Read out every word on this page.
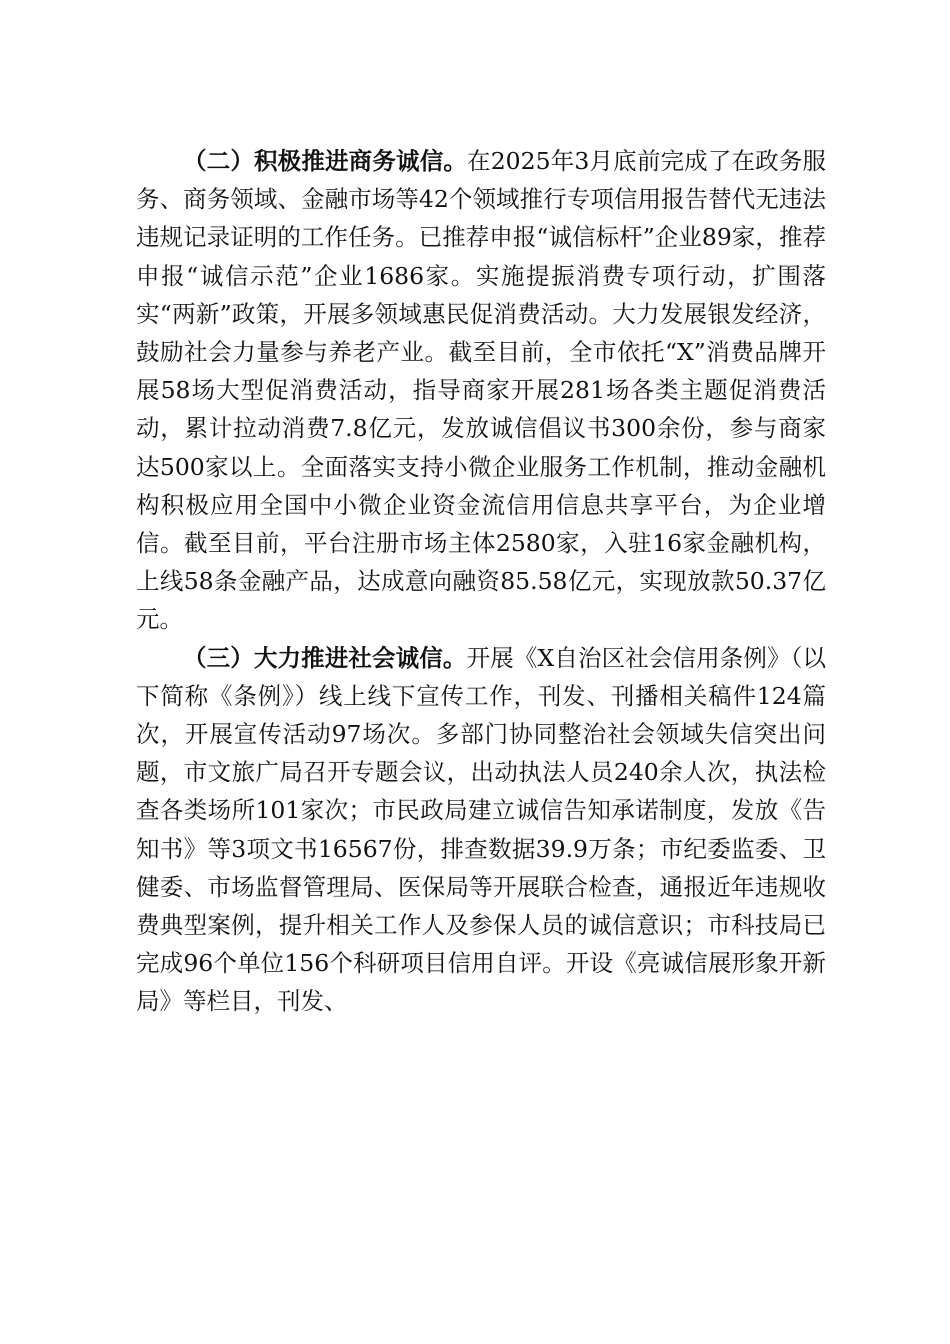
（二）积极推进商务诚信。在2025年3月底前完成了在政务服务、商务领域、金融市场等42个领域推行专项信用报告替代无违法违规记录证明的工作任务。已推荐申报“诚信标杆”企业89家，推荐申报“诚信示范”企业1686家。实施提振消费专项行动，扩围落实“两新”政策，开展多领域惠民促消费活动。大力发展银发经济，鼓励社会力量参与养老产业。截至目前，全市依托“X”消费品牌开展58场大型促消费活动，指导商家开展281场各类主题促消费活动，累计拉动消费7.8亿元，发放诚信倡议书300余份，参与商家达500家以上。全面落实支持小微企业服务工作机制，推动金融机构积极应用全国中小微企业资金流信用信息共享平台，为企业增信。截至目前，平台注册市场主体2580家，入驻16家金融机构，上线58条金融产品，达成意向融资85.58亿元，实现放款50.37亿元。

（三）大力推进社会诚信。开展《X自治区社会信用条例》（以下简称《条例》）线上线下宣传工作，刊发、刊播相关稿件124篇次，开展宣传活动97场次。多部门协同整治社会领域失信突出问题，市文旅广局召开专题会议，出动执法人员240余人次，执法检查各类场所101家次；市民政局建立诚信告知承诺制度，发放《告知书》等3项文书16567份，排查数据39.9万条；市纪委监委、卫健委、市场监督管理局、医保局等开展联合检查，通报近年违规收费典型案例，提升相关工作人及参保人员的诚信意识；市科技局已完成96个单位156个科研项目信用自评。开设《亮诚信展形象开新局》等栏目，刊发、
